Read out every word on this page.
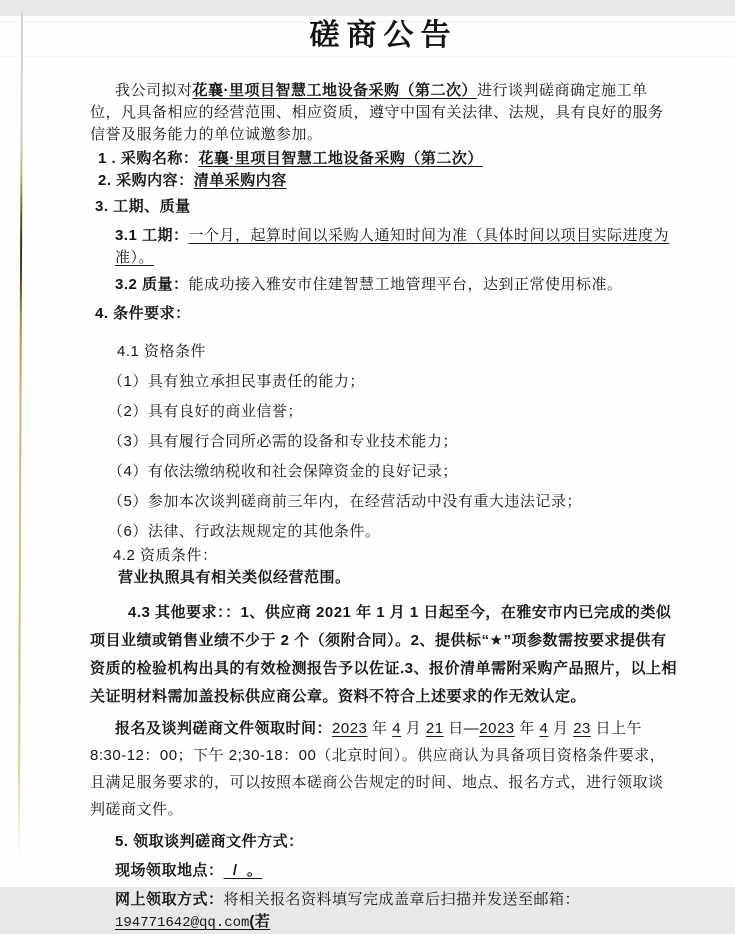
磋商公告

我公司拟对花襄·里项目智慧工地设备采购（第二次）进行谈判磋商确定施工单位，凡具备相应的经营范围、相应资质，遵守中国有关法律、法规，具有良好的服务信誉及服务能力的单位诚邀参加。

1 . 采购名称：花襄·里项目智慧工地设备采购（第二次）

2. 采购内容：清单采购内容

3. 工期、质量

3.1 工期：一个月，起算时间以采购人通知时间为准（具体时间以项目实际进度为准）。

3.2 质量：能成功接入雅安市住建智慧工地管理平台，达到正常使用标准。

4. 条件要求：

4.1 资格条件

（1）具有独立承担民事责任的能力；

（2）具有良好的商业信誉；

（3）具有履行合同所必需的设备和专业技术能力；

（4）有依法缴纳税收和社会保障资金的良好记录；

（5）参加本次谈判磋商前三年内，在经营活动中没有重大违法记录；

（6）法律、行政法规规定的其他条件。

4.2 资质条件：

营业执照具有相关类似经营范围。

4.3 其他要求：：1、供应商 2021 年 1 月 1 日起至今，在雅安市内已完成的类似项目业绩或销售业绩不少于 2 个（须附合同）。2、提供标“★”项参数需按要求提供有资质的检验机构出具的有效检测报告予以佐证.3、报价清单需附采购产品照片，以上相关证明材料需加盖投标供应商公章。资料不符合上述要求的作无效认定。

报名及谈判磋商文件领取时间：2023 年 4 月 21 日—2023 年 4 月 23 日上午 8:30-12：00；下午 2;30-18：00（北京时间）。供应商认为具备项目资格条件要求，且满足服务要求的，可以按照本磋商公告规定的时间、地点、报名方式，进行领取谈判磋商文件。

5. 领取谈判磋商文件方式：

现场领取地点：  /  。

网上领取方式：将相关报名资料填写完成盖章后扫描并发送至邮箱：194771642@qq.com(若
